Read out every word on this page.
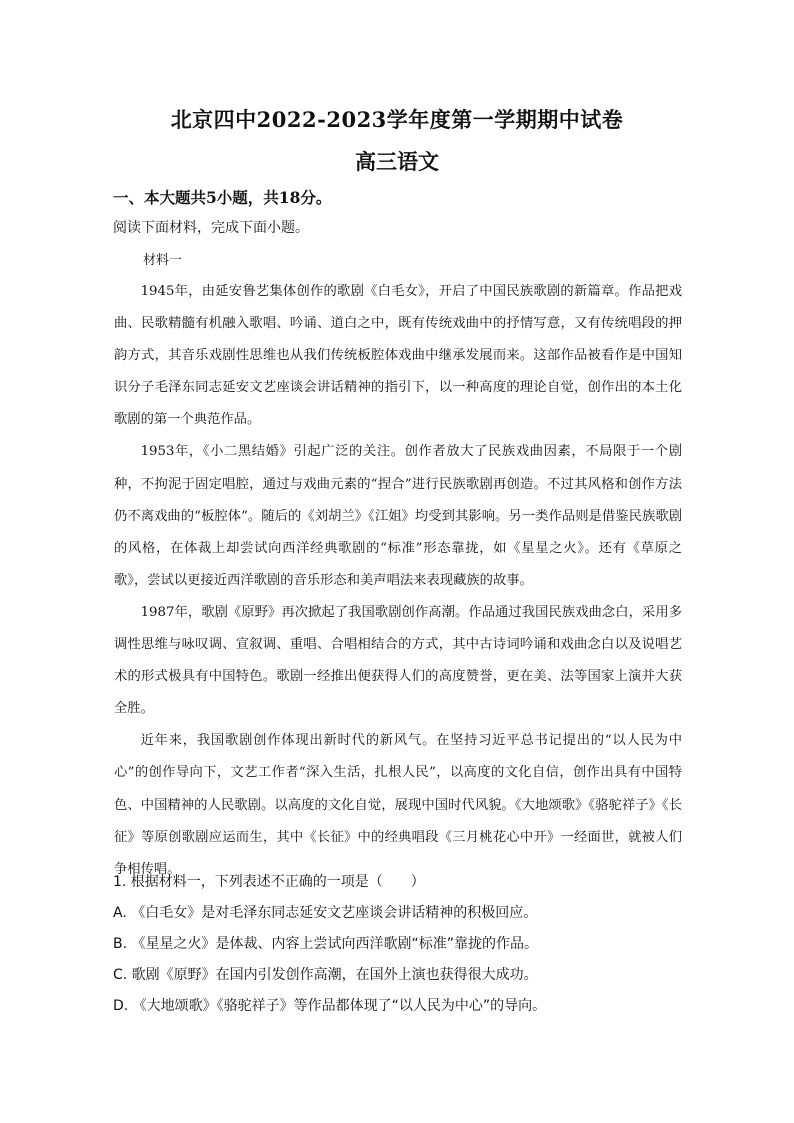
北京四中2022-2023学年度第一学期期中试卷
高三语文
一、本大题共5小题，共18分。
阅读下面材料，完成下面小题。
材料一

1945年，由延安鲁艺集体创作的歌剧《白毛女》，开启了中国民族歌剧的新篇章。作品把戏曲、民歌精髓有机融入歌唱、吟诵、道白之中，既有传统戏曲中的抒情写意，又有传统唱段的押韵方式，其音乐戏剧性思维也从我们传统板腔体戏曲中继承发展而来。这部作品被看作是中国知识分子毛泽东同志延安文艺座谈会讲话精神的指引下，以一种高度的理论自觉，创作出的本土化歌剧的第一个典范作品。

1953年，《小二黑结婚》引起广泛的关注。创作者放大了民族戏曲因素，不局限于一个剧种，不拘泥于固定唱腔，通过与戏曲元素的“捏合”进行民族歌剧再创造。不过其风格和创作方法仍不离戏曲的“板腔体”。随后的《刘胡兰》《江姐》均受到其影响。另一类作品则是借鉴民族歌剧的风格，在体裁上却尝试向西洋经典歌剧的“标准”形态靠拢，如《星星之火》。还有《草原之歌》，尝试以更接近西洋歌剧的音乐形态和美声唱法来表现藏族的故事。

1987年，歌剧《原野》再次掀起了我国歌剧创作高潮。作品通过我国民族戏曲念白，采用多调性思维与咏叹调、宣叙调、重唱、合唱相结合的方式，其中古诗词吟诵和戏曲念白以及说唱艺术的形式极具有中国特色。歌剧一经推出便获得人们的高度赞誉，更在美、法等国家上演并大获全胜。

近年来，我国歌剧创作体现出新时代的新风气。在坚持习近平总书记提出的“以人民为中心”的创作导向下，文艺工作者“深入生活，扎根人民”，以高度的文化自信，创作出具有中国特色、中国精神的人民歌剧。以高度的文化自觉，展现中国时代风貌。《大地颂歌》《骆驼祥子》《长征》等原创歌剧应运而生，其中《长征》中的经典唱段《三月桃花心中开》一经面世，就被人们争相传唱。

1. 根据材料一，下列表述不正确的一项是（　　）
A. 《白毛女》是对毛泽东同志延安文艺座谈会讲话精神的积极回应。
B. 《星星之火》是体裁、内容上尝试向西洋歌剧“标准”靠拢的作品。
C. 歌剧《原野》在国内引发创作高潮，在国外上演也获得很大成功。
D. 《大地颂歌》《骆驼祥子》等作品都体现了“以人民为中心”的导向。
